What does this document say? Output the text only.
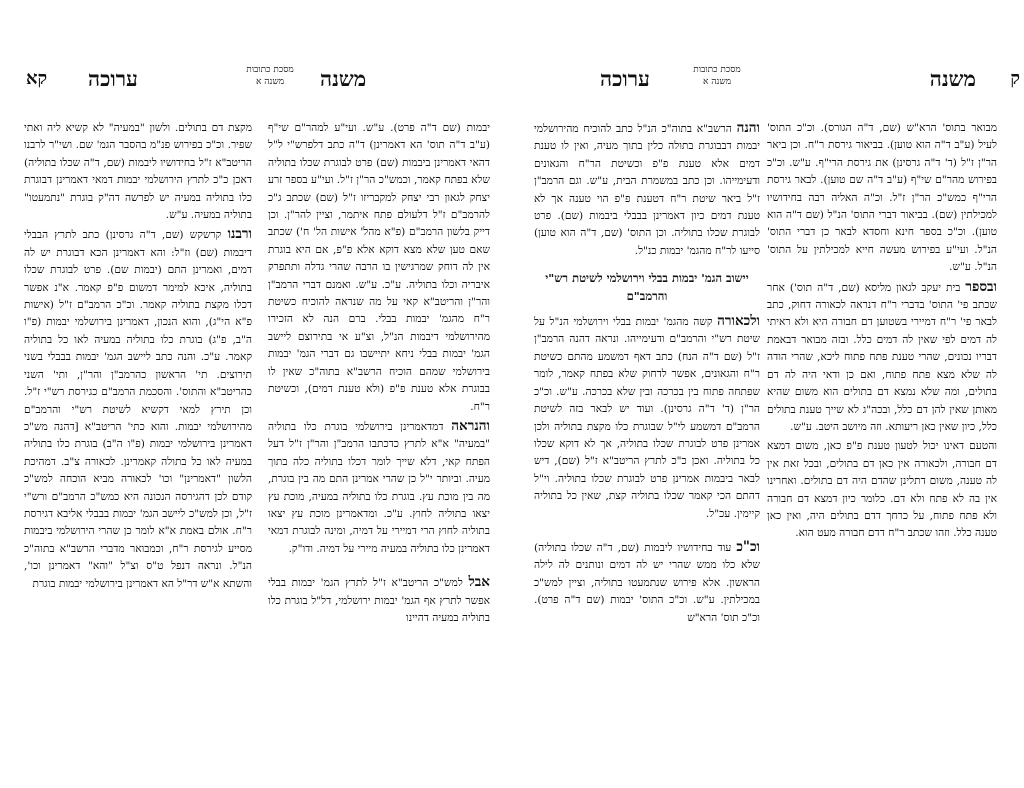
ק
משנה
מסכת כתובות
משנה א
ערוכה

מבואר בתוס' הרא"ש (שם, ד"ה הגורס). וכ"כ התוס' לעיל (ע"ב ד"ה הוא טוען). בביאור גירסת ר"ח. וכן ביאר הר"ן ז"ל (ד' ד"ה גרסינן) את גירסת הרי"ף. ע"ש. וכ"כ בפירוש מהר"ם שי"ף (ע"ב ד"ה שם טוען). לבאר גירסת הרי"ף כמש"כ הר"ן ז"ל. וכ"ה האליה רבה בחידושיו למכילתין (שם). בביאור דברי התוס' הנ"ל (שם ד"ה הוא טוען). וכ"כ בספר חינא וחסדא לבאר כן דברי התוס' הנ"ל. ועי"ע בפירוש מעשה חייא למכילתין על התוס' הנ"ל. ע"ש.

ובספר בית יעקב לגאון מליסא (שם, ד"ה תוס') אחר שכתב פי' התוס' בדברי ר"ח דנראה לכאורה דחוק, כתב לבאר פי' ר"ח דמיירי בשטוען דם חבורה היא ולא ראיתי לה דמים לפי שאין לה דמים כלל. ובזה מבואר דבאמת דבריו נכונים, שהרי טענת פתח פתוח ליכא, שהרי הודה לה שלא מצא פתח פתוח, ואם כן ודאי היה לה דם בתולים, ומה שלא נמצא דם בתולים הוא משום שהיא מאותן שאין להן דם כלל, ובכה"ג לא שייך טענת בתולים כלל, כיון שאין כאן ריעותא. וזה מיושב היטב. ע"ש.

והטעם דאינו יכול לטעון טענת פ"פ כאן, משום דמצא דם חבורה, ולכאורה אין כאן דם בתולים, ובכל זאת אין לה טענה, משום דתלינן שהדם היה דם בתולים. ואחרינו אין בה לא פתח ולא דם. כלומר כיון דמצא דם חבורה ולא פתח פתוח, על כרחך דדם בתולים היה, ואין כאן טענה כלל. וזהו שכתב ר"ח דדם חבורה מעט הוא.

והנה הרשב"א בתוה"כ הנ"ל כתב להוכיח מהירושלמי יבמות דבבוגרת בתולה כלין בתוך מעיה, ואין לו טענת דמים אלא טענת פ"פ וכשיטת הר"ח והגאונים ודעימייהו. וכן כתב במשמרת הבית, ע"ש. וגם הרמב"ן ז"ל ביאר שיטת ר"ח דטענת פ"פ הוי טענה אך לא טענת דמים כיון דאמרינן בבבלי ביבמות (שם). פרט לבוגרת שכלו בתוליה. וכן התוס' (שם, ד"ה הוא טוען) סייעו לר"ח מהגמ' יבמות כנ"ל.

יישוב הגמ' יבמות בבלי וירושלמי לשיטת רש"י והרמב"ם

ולכאורה קשה מהגמ' יבמות בבלי וירושלמי הנ"ל על שיטת רש"י והרמב"ם ודעימייהו. ונראה דהנה הרמב"ן ז"ל (שם ד"ה הנח) כתב דאף דמשמע מהתם כשיטת ר"ח והגאונים, אפשר לדחוק שלא בפתח קאמר, לומר שפתחה פתוח בין בכרכה ובין שלא בכרכה. ע"ש. וכ"כ הר"ן (ד' ד"ה גרסינן). ועוד יש לבאר בזה לשיטת הרמב"ם דמשמע לי"ל שבוגרת כלו מקצת בתוליה ולכן אמרינן פרט לבוגרת שכלו בתוליה, אך לא דוקא שכלו כל בתוליה. ואכן כ"כ לתרץ הריטב"א ז"ל (שם), דיש לבאר ביבמות אמרינן פרט לבוגרת שכלו בתוליה. וי"ל דהתם הכי קאמר שכלו בתוליה קצת, שאין כל בתוליה קיימין. עכ"ל.

וכ"כ עוד בחידושיו ליבמות (שם, ד"ה שכלו בתוליה) שלא כלו ממש שהרי יש לה דמים ונותנים לה לילה הראשון. אלא פירוש שנתמעטו בתוליה, וציין למש"כ במכילתין. ע"ש. וכ"כ התוס' יבמות (שם ד"ה פרט). וכ"כ תוס' הרא"ש

משנה
מסכת כתובות
משנה א
ערוכה
קא

יבמות (שם ד"ה פרט). ע"ש. ועי"ע למהר"ם שי"ף (ע"ב ד"ה תוס' הא דאמרינן) ד"ה כתב דלפרש"י ל"ל דהאי דאמרינן ביבמות (שם) פרט לבוגרת שכלו בתוליה שלא בפתח קאמר, וכמש"כ הר"ן ז"ל. ועי"ע בספר זרע יצחק לגאון רבי יצחק למקבריזו ז"ל (שם) שכתב ג"כ להרמב"ם ז"ל דלעולם פתח איתמר, וציין להר"ן. וכן דייק בלשון הרמב"ם (פ"א מהל' אישות הל' ח') שכתב שאם טען שלא מצא דוקא אלא פ"פ, אם היא בוגרת אין לה דוחק שמרגישין בו הרבה שהרי גדלה ותתפרק איבריה וכלו בתוליה. ע"כ. ע"ש. ואמנם דברי הרמב"ן והר"ן והריטב"א קאי על מה שנראה להוכיח כשיטת ר"ח מהגמ' יבמות בבלי. ברם הנה לא הזכירו מהירושלמי דיבמות הנ"ל, וצ"ע אי בתירוצם ליישב הגמ' יבמות בבלי ניחא יתיישבו גם דברי הגמ' יבמות בירושלמי שמהם הוכיח הרשב"א בתוה"כ שאין לו בבוגרת אלא טענת פ"פ (ולא טענת דמים), וכשיטת ר"ח.

והנראה דמדאמרינן בירושלמי בוגרת כלו בתוליה "במעיה" א"א לתרץ כדכתבו הרמב"ן והר"ן ז"ל דעל הפתח קאי, דלא שייך לומר דכלו בתוליה כלה בתוך מעיה. וביותר י"ל כן שהרי אמרינן התם מה בין בוגרת, מה בין מוכת עץ. בוגרת כלו בתוליה במעיה, מוכת עץ יצאו בתוליה לחוץ. ע"כ. ומדאמרינן מוכת עץ יצאו בתוליה לחוץ הרי דמיירי על דמיה, ומינה לבוגרת דמאי דאמרינן כלו בתוליה במעיה מיירי על דמיה. ודו"ק.

אבל למש"כ הריטב"א ז"ל לתרץ הגמ' יבמות בבלי אפשר לתרץ אף הגמ' יבמות ירושלמי, דל"ל בוגרת כלו בתוליה במעיה דהיינו

מקצת דם בתולים. ולשון "במעיה" לא קשיא ליה ואתי שפיר. וכ"כ בפירוש פנ"מ בהסבר הגמ' שם. ושי"ר לרבנו הריטב"א ז"ל בחידושיו ליבמות (שם, ד"ה שכלו בתוליה) דאכן כ"כ לתרץ הירושלמי יבמות דמאי דאמרינן דבוגרת כלו בתוליה במעיה יש לפרשה דה"ק בוגרת "נתמעטו" בתוליה במעיה. ע"ש.

ורבנו קרשקש (שם, ד"ה גרסינן) כתב לתרץ הבבלי דיבמות (שם) וז"ל: והא דאמרינן הכא דבוגרת יש לה דמים, ואמרינן התם (יבמות שם). פרט לבוגרת שכלו בתוליה, איכא למימר דמשום פ"פ קאמר. א"נ אפשר דכלו מקצת בתוליה קאמר. וכ"כ הרמב"ם ז"ל (אישות פ"א הי"ג), והוא הנכון, דאמרינן בירושלמי יבמות (פ"ו ה"ב, פ"ג) בוגרת כלו בתוליה במעיה לאו כל בתוליה קאמר. ע"כ. והנה כתב ליישב הגמ' יבמות בבבלי בשני תירוצים. תי' הראשון כהרמב"ן והר"ן, ותי' השני כהריטב"א והתוס'. והסכמת הרמב"ם כגירסת רש"י ז"ל. וכן תירץ למאי דקשיא לשיטת רש"י והרמב"ם מהירושלמי יבמות. והוא כתי' הריטב"א [דהנה מש"כ דאמרינן בירושלמי יבמות (פ"ו ה"ב) בוגרת כלו בתוליה במעיה לאו כל בתולה קאמרינן. לכאורה צ"ב. דמהיכת הלשון "דאמרינן" וכו' לכאורה מביא הוכחה למש"כ קודם לכן דהגירסה הנכונה היא כמש"כ הרמב"ם ורש"י ז"ל, וכן למש"כ ליישב הגמ' יבמות בבבלי אליבא דגירסת ר"ח. אולם באמת א"א לומר כן שהרי הירושלמי ביבמות מסייע לגירסת ר"ח, וכמבואר מדברי הרשב"א בתוה"כ הנ"ל. ונראה דנפל ט"ס וצ"ל "והא" דאמרינן וכו', והשתא א"ש דר"ל הא דאמרינן בירושלמי יבמות בוגרת
